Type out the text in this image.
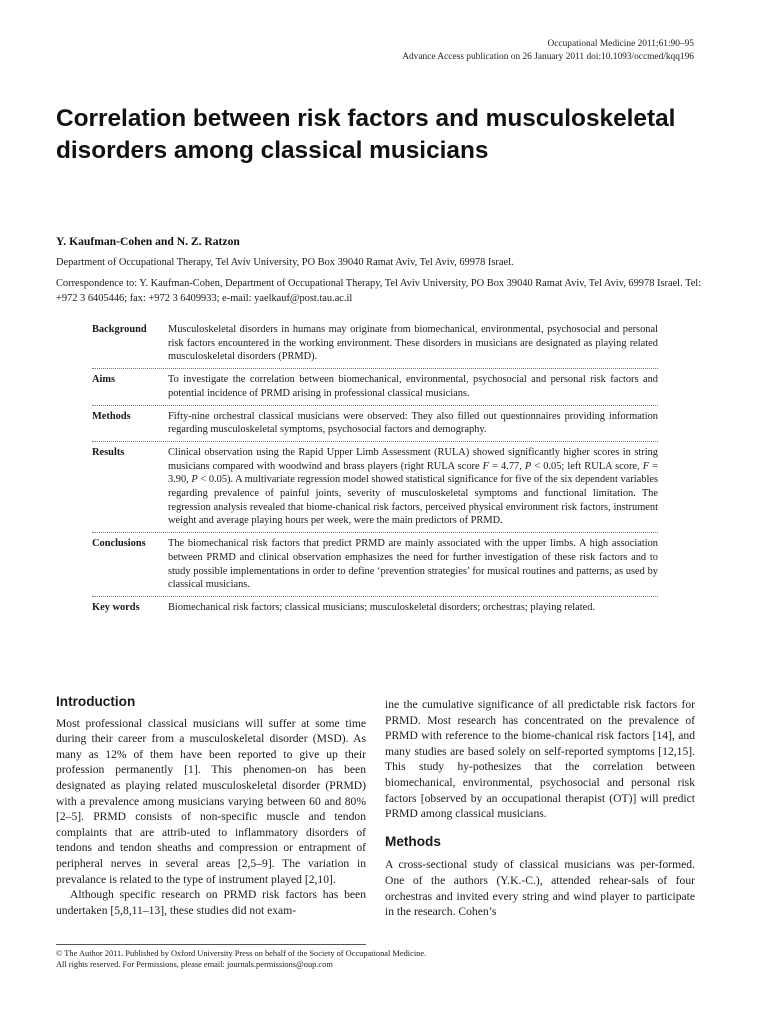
Occupational Medicine 2011;61:90–95
Advance Access publication on 26 January 2011 doi:10.1093/occmed/kqq196
Correlation between risk factors and musculoskeletal disorders among classical musicians
Y. Kaufman-Cohen and N. Z. Ratzon
Department of Occupational Therapy, Tel Aviv University, PO Box 39040 Ramat Aviv, Tel Aviv, 69978 Israel.
Correspondence to: Y. Kaufman-Cohen, Department of Occupational Therapy, Tel Aviv University, PO Box 39040 Ramat Aviv, Tel Aviv, 69978 Israel. Tel: +972 3 6405446; fax: +972 3 6409933; e-mail: yaelkauf@post.tau.ac.il
Background	Musculoskeletal disorders in humans may originate from biomechanical, environmental, psychosocial and personal risk factors encountered in the working environment. These disorders in musicians are designated as playing related musculoskeletal disorders (PRMD).
Aims	To investigate the correlation between biomechanical, environmental, psychosocial and personal risk factors and potential incidence of PRMD arising in professional classical musicians.
Methods	Fifty-nine orchestral classical musicians were observed: They also filled out questionnaires providing information regarding musculoskeletal symptoms, psychosocial factors and demography.
Results	Clinical observation using the Rapid Upper Limb Assessment (RULA) showed significantly higher scores in string musicians compared with woodwind and brass players (right RULA score F = 4.77, P < 0.05; left RULA score, F = 3.90, P < 0.05). A multivariate regression model showed statistical significance for five of the six dependent variables regarding prevalence of painful joints, severity of musculoskeletal symptoms and functional limitation. The regression analysis revealed that biome-chanical risk factors, perceived physical environment risk factors, instrument weight and average playing hours per week, were the main predictors of PRMD.
Conclusions	The biomechanical risk factors that predict PRMD are mainly associated with the upper limbs. A high association between PRMD and clinical observation emphasizes the need for further investigation of these risk factors and to study possible implementations in order to define ‘prevention strategies’ for musical routines and patterns, as used by classical musicians.
Key words	Biomechanical risk factors; classical musicians; musculoskeletal disorders; orchestras; playing related.
Introduction

Most professional classical musicians will suffer at some time during their career from a musculoskeletal disorder (MSD). As many as 12% of them have been reported to give up their profession permanently [1]. This phenomen-on has been designated as playing related musculoskeletal disorder (PRMD) with a prevalence among musicians varying between 60 and 80% [2–5]. PRMD consists of non-specific muscle and tendon complaints that are attrib-uted to inflammatory disorders of tendons and tendon sheaths and compression or entrapment of peripheral nerves in several areas [2,5–9]. The variation in prevalance is related to the type of instrument played [2,10].

Although specific research on PRMD risk factors has been undertaken [5,8,11–13], these studies did not exam-

ine the cumulative significance of all predictable risk factors for PRMD. Most research has concentrated on the prevalence of PRMD with reference to the biome-chanical risk factors [14], and many studies are based solely on self-reported symptoms [12,15]. This study hy-pothesizes that the correlation between biomechanical, environmental, psychosocial and personal risk factors [observed by an occupational therapist (OT)] will predict PRMD among classical musicians.

Methods

A cross-sectional study of classical musicians was per-formed. One of the authors (Y.K.-C.), attended rehear-sals of four orchestras and invited every string and wind player to participate in the research. Cohen’s

© The Author 2011. Published by Oxford University Press on behalf of the Society of Occupational Medicine.
All rights reserved. For Permissions, please email: journals.permissions@oup.com
